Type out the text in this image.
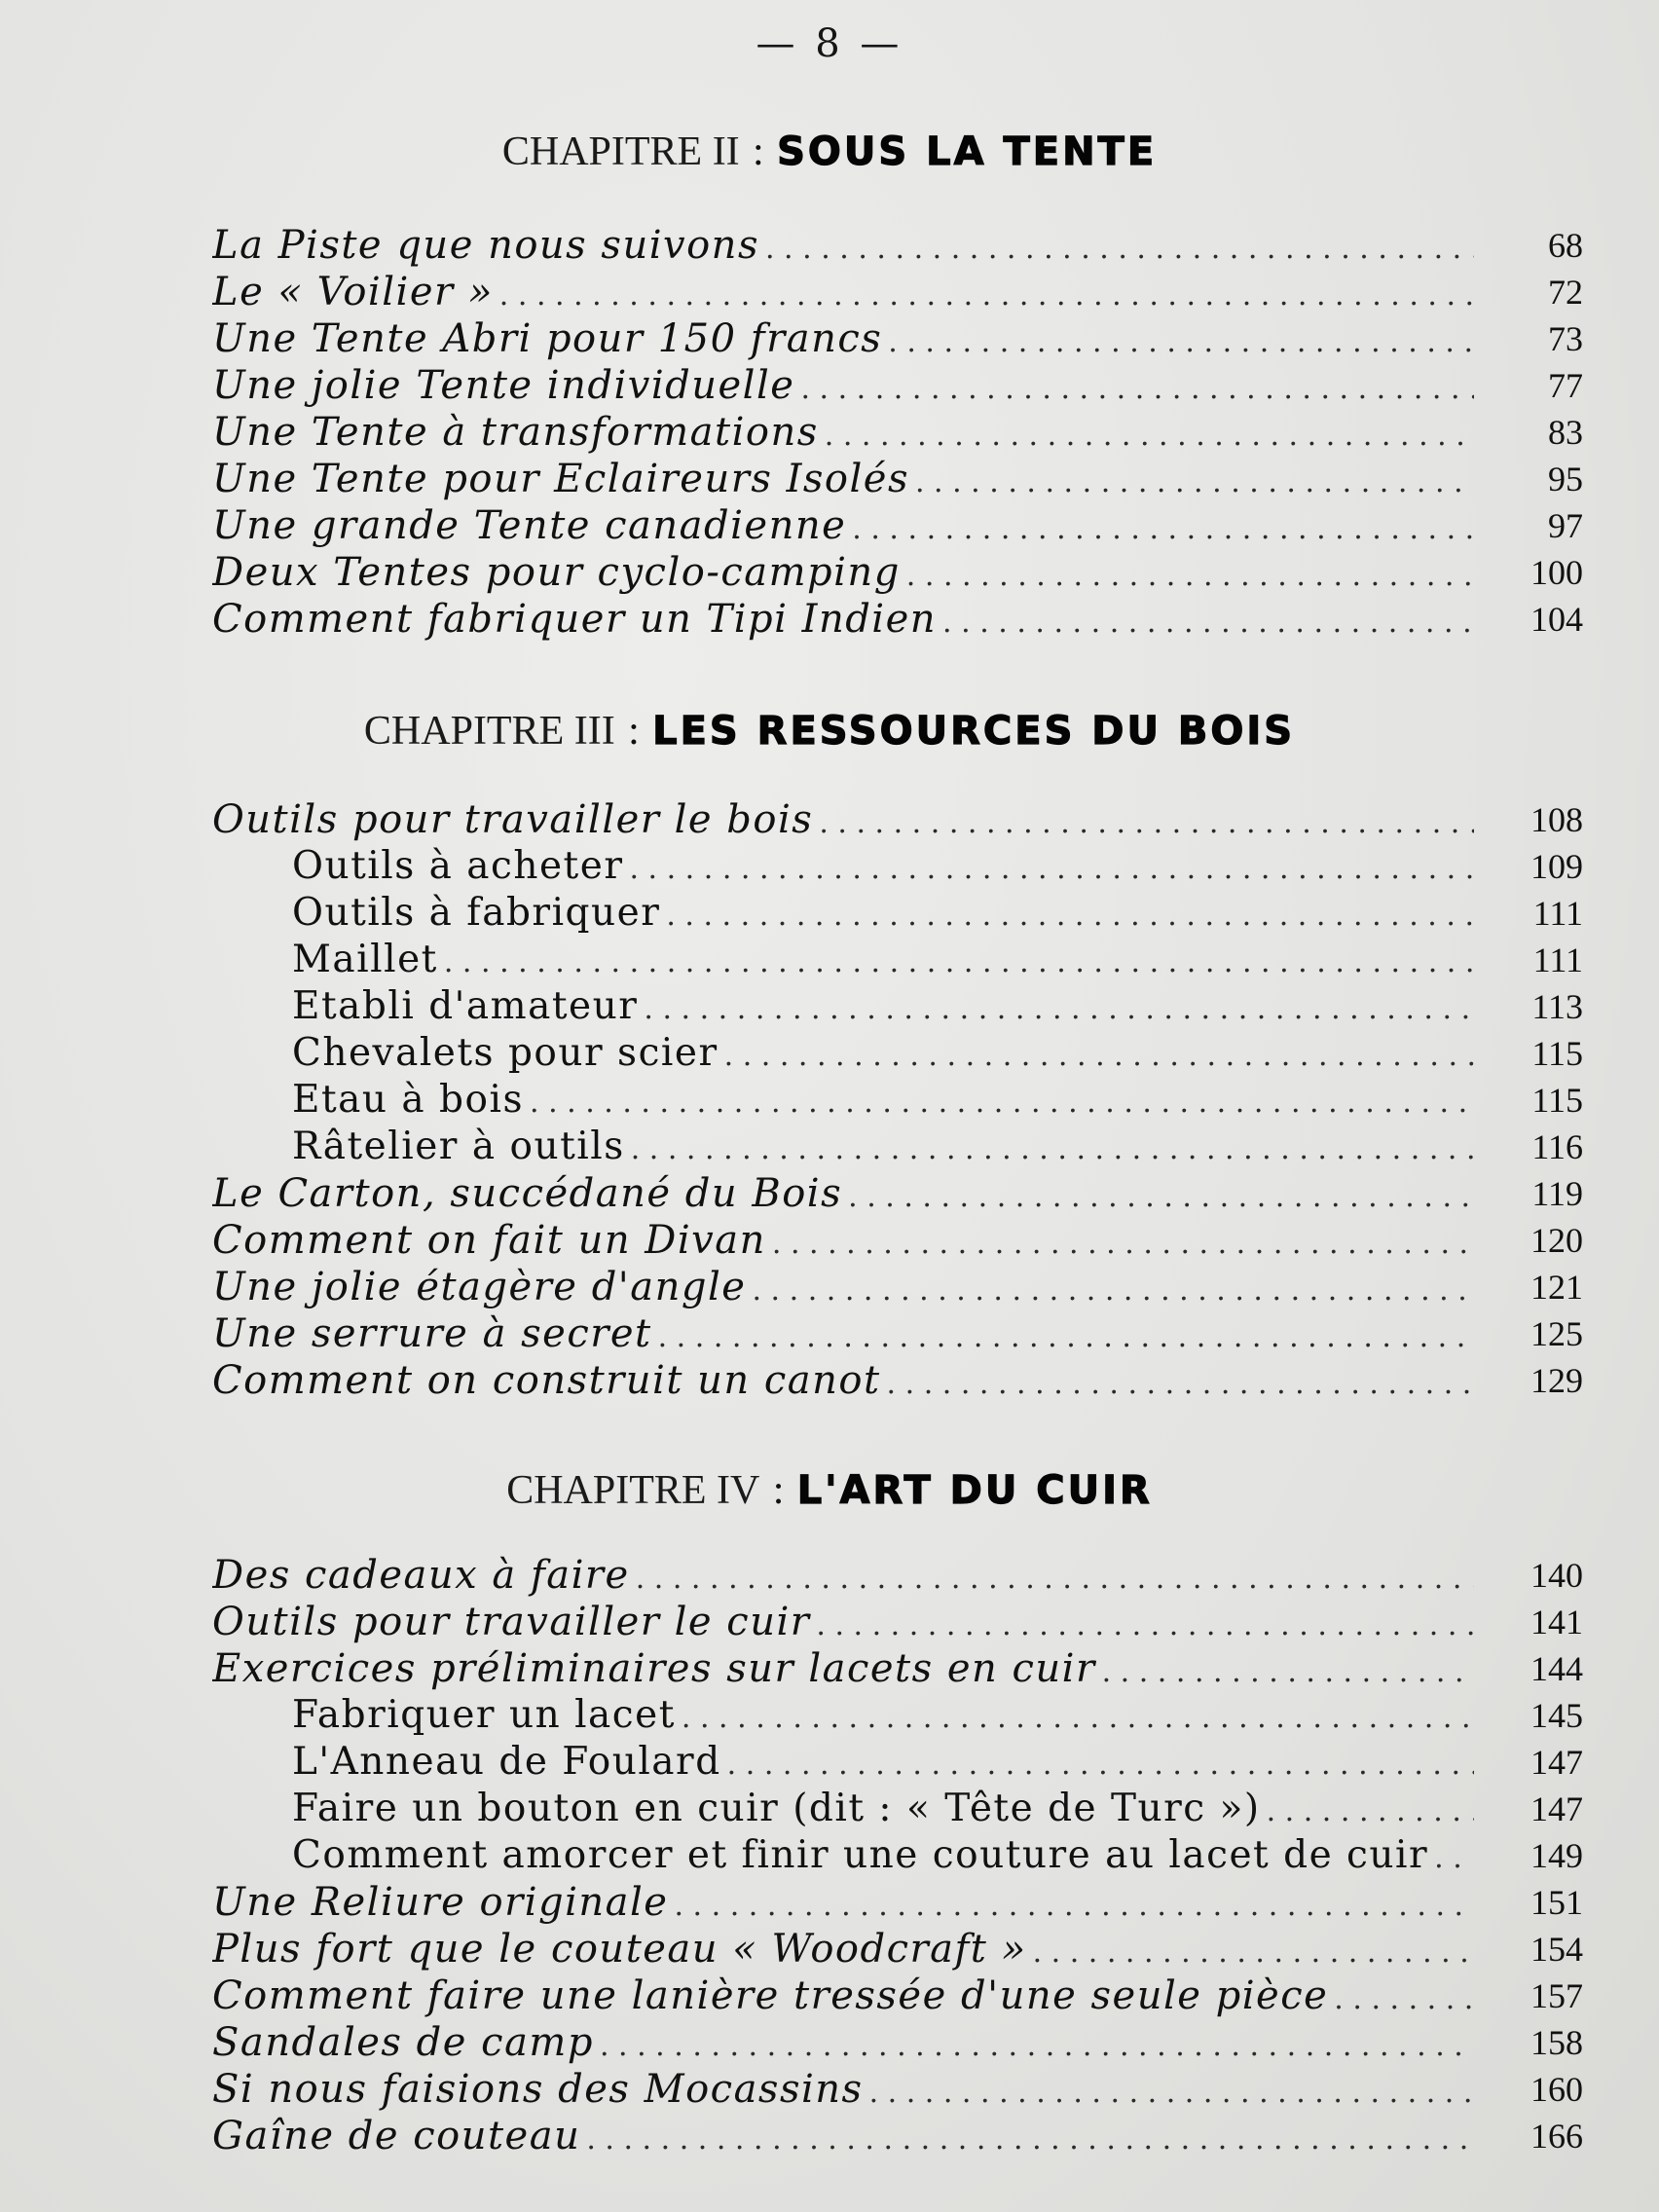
— 8 —
CHAPITRE II : SOUS LA TENTE
La Piste que nous suivons . . .	68
Le « Voilier » . . .	72
Une Tente Abri pour 150 francs . . .	73
Une jolie Tente individuelle . . .	77
Une Tente à transformations . . .	83
Une Tente pour Eclaireurs Isolés . . .	95
Une grande Tente canadienne . . .	97
Deux Tentes pour cyclo-camping . . .	100
Comment fabriquer un Tipi Indien . . .	104
CHAPITRE III : LES RESSOURCES DU BOIS
Outils pour travailler le bois . . .	108
Outils à acheter . . .	109
Outils à fabriquer . . .	111
Maillet . . .	111
Etabli d'amateur . . .	113
Chevalets pour scier . . .	115
Etau à bois . . .	115
Râtelier à outils . . .	116
Le Carton, succédané du Bois . . .	119
Comment on fait un Divan . . .	120
Une jolie étagère d'angle . . .	121
Une serrure à secret . . .	125
Comment on construit un canot . . .	129
CHAPITRE IV : L'ART DU CUIR
Des cadeaux à faire . . .	140
Outils pour travailler le cuir . . .	141
Exercices préliminaires sur lacets en cuir . . .	144
Fabriquer un lacet . . .	145
L'Anneau de Foulard . . .	147
Faire un bouton en cuir (dit : « Tête de Turc ») . . .	147
Comment amorcer et finir une couture au lacet de cuir . . .	149
Une Reliure originale . . .	151
Plus fort que le couteau « Woodcraft » . . .	154
Comment faire une lanière tressée d'une seule pièce . . .	157
Sandales de camp . . .	158
Si nous faisions des Mocassins . . .	160
Gaîne de couteau . . .	166
